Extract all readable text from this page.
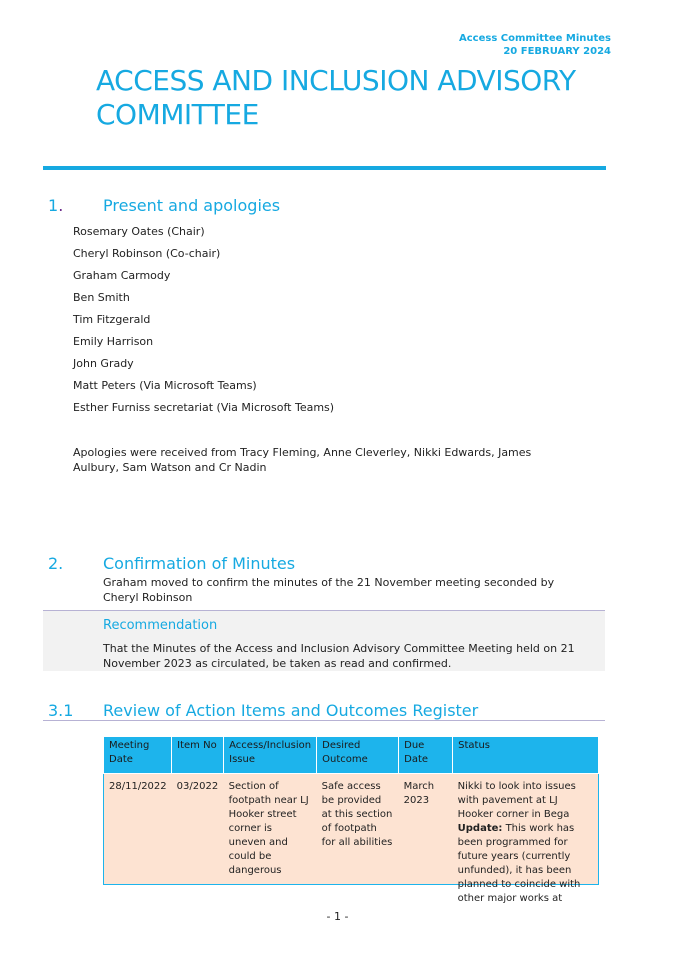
Access Committee Minutes
20 FEBRUARY 2024
ACCESS AND INCLUSION ADVISORY
COMMITTEE
1. Present and apologies
Rosemary Oates (Chair)
Cheryl Robinson (Co-chair)
Graham Carmody
Ben Smith
Tim Fitzgerald
Emily Harrison
John Grady
Matt Peters (Via Microsoft Teams)
Esther Furniss secretariat (Via Microsoft Teams)
Apologies were received from Tracy Fleming, Anne Cleverley, Nikki Edwards, James Aulbury, Sam Watson and Cr Nadin
2. Confirmation of Minutes
Graham moved to confirm the minutes of the 21 November meeting seconded by Cheryl Robinson
Recommendation
That the Minutes of the Access and Inclusion Advisory Committee Meeting held on 21 November 2023 as circulated, be taken as read and confirmed.
3.1 Review of Action Items and Outcomes Register
Meeting Date	Item No	Access/Inclusion Issue	Desired Outcome	Due Date	Status

28/11/2022	03/2022	Section of footpath near LJ Hooker street corner is uneven and could be dangerous	Safe access be provided at this section of footpath for all abilities	March 2023	Nikki to look into issues with pavement at LJ Hooker corner in Bega
Update: This work has been programmed for future years (currently unfunded), it has been planned to coincide with other major works at
- 1 -
